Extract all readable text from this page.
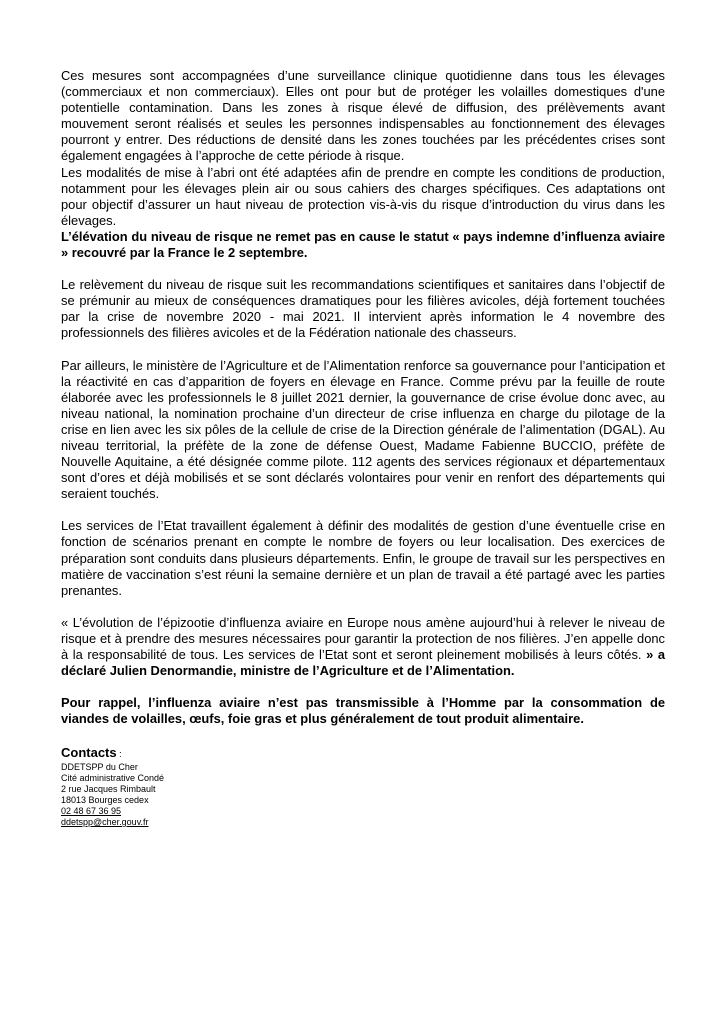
Ces mesures sont accompagnées d’une surveillance clinique quotidienne dans tous les élevages (commerciaux et non commerciaux). Elles ont pour but de protéger les volailles domestiques d'une potentielle contamination. Dans les zones à risque élevé de diffusion, des prélèvements avant mouvement seront réalisés et seules les personnes indispensables au fonctionnement des élevages pourront y entrer. Des réductions de densité dans les zones touchées par les précédentes crises sont également engagées à l’approche de cette période à risque.

Les modalités de mise à l’abri ont été adaptées afin de prendre en compte les conditions de production, notamment pour les élevages plein air ou sous cahiers des charges spécifiques. Ces adaptations ont pour objectif d’assurer un haut niveau de protection vis-à-vis du risque d’introduction du virus dans les élevages.

L’élévation du niveau de risque ne remet pas en cause le statut « pays indemne d’influenza aviaire » recouvré par la France le 2 septembre.

Le relèvement du niveau de risque suit les recommandations scientifiques et sanitaires dans l’objectif de se prémunir au mieux de conséquences dramatiques pour les filières avicoles, déjà fortement touchées par la crise de novembre 2020 - mai 2021. Il intervient après information le 4 novembre des professionnels des filières avicoles et de la Fédération nationale des chasseurs.

Par ailleurs, le ministère de l’Agriculture et de l’Alimentation renforce sa gouvernance pour l’anticipation et la réactivité en cas d’apparition de foyers en élevage en France. Comme prévu par la feuille de route élaborée avec les professionnels le 8 juillet 2021 dernier, la gouvernance de crise évolue donc avec, au niveau national, la nomination prochaine d’un directeur de crise influenza en charge du pilotage de la crise en lien avec les six pôles de la cellule de crise de la Direction générale de l’alimentation (DGAL). Au niveau territorial, la préfète de la zone de défense Ouest, Madame Fabienne BUCCIO, préfète de Nouvelle Aquitaine, a été désignée comme pilote. 112 agents des services régionaux et départementaux sont d’ores et déjà mobilisés et se sont déclarés volontaires pour venir en renfort des départements qui seraient touchés.

Les services de l’Etat travaillent également à définir des modalités de gestion d’une éventuelle crise en fonction de scénarios prenant en compte le nombre de foyers ou leur localisation. Des exercices de préparation sont conduits dans plusieurs départements. Enfin, le groupe de travail sur les perspectives en matière de vaccination s’est réuni la semaine dernière et un plan de travail a été partagé avec les parties prenantes.

« L’évolution de l’épizootie d’influenza aviaire en Europe nous amène aujourd’hui à relever le niveau de risque et à prendre des mesures nécessaires pour garantir la protection de nos filières. J’en appelle donc à la responsabilité de tous. Les services de l’Etat sont et seront pleinement mobilisés à leurs côtés. » a déclaré Julien Denormandie, ministre de l’Agriculture et de l’Alimentation.

Pour rappel, l’influenza aviaire n’est pas transmissible à l’Homme par la consommation de viandes de volailles, œufs, foie gras et plus généralement de tout produit alimentaire.

Contacts :
DDETSPP du Cher
Cité administrative Condé
2 rue Jacques Rimbault
18013 Bourges cedex
02 48 67 36 95
ddetspp@cher.gouv.fr
